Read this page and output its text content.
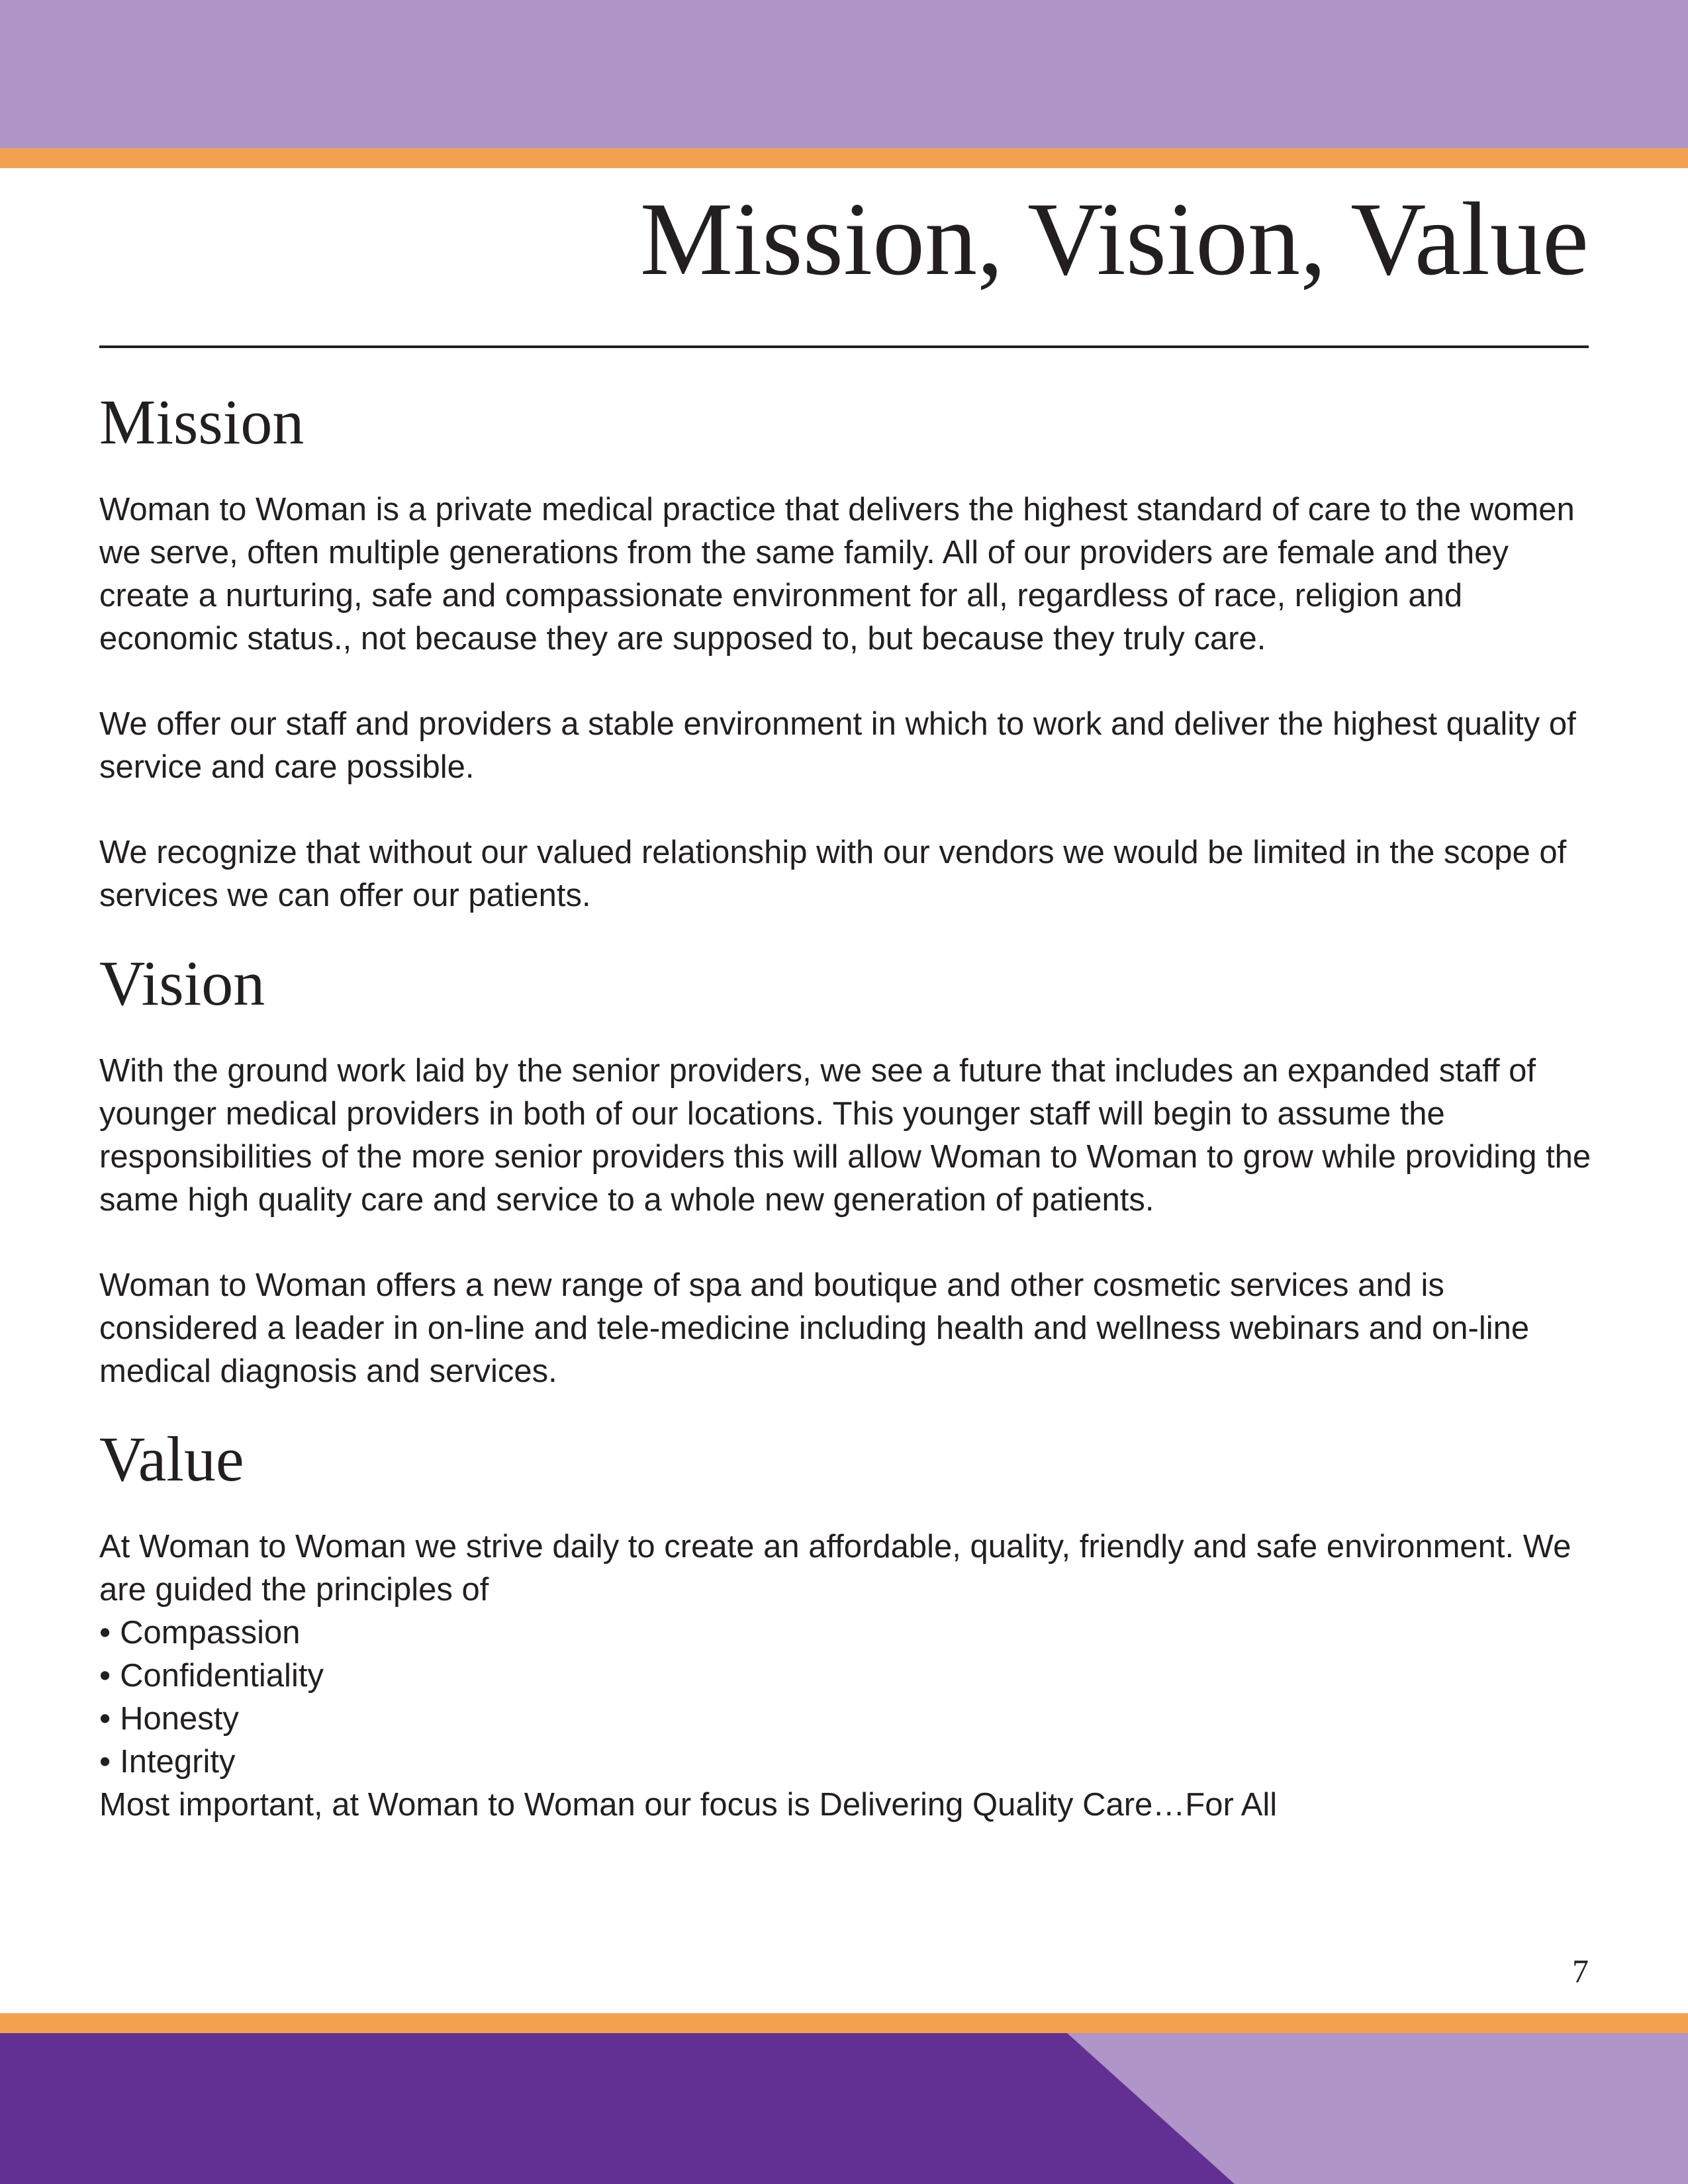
Mission, Vision, Value
Mission

Woman to Woman is a private medical practice that delivers the highest standard of care to the women we serve, often multiple generations from the same family. All of our providers are female and they create a nurturing, safe and compassionate environment for all, regardless of race, religion and economic status., not because they are supposed to, but because they truly care.

We offer our staff and providers a stable environment in which to work and deliver the highest quality of service and care possible.

We recognize that without our valued relationship with our vendors we would be limited in the scope of services we can offer our patients.

Vision

With the ground work laid by the senior providers, we see a future that includes an expanded staff of younger medical providers in both of our locations. This younger staff will begin to assume the responsibilities of the more senior providers this will allow Woman to Woman to grow while providing the same high quality care and service to a whole new generation of patients.

Woman to Woman offers a new range of spa and boutique and other cosmetic services and is considered a leader in on-line and tele-medicine including health and wellness webinars and on-line medical diagnosis and services.

Value

At Woman to Woman we strive daily to create an affordable, quality, friendly and safe environment. We are guided the principles of

• Compassion
• Confidentiality
• Honesty
• Integrity

Most important, at Woman to Woman our focus is Delivering Quality Care…For All

7
